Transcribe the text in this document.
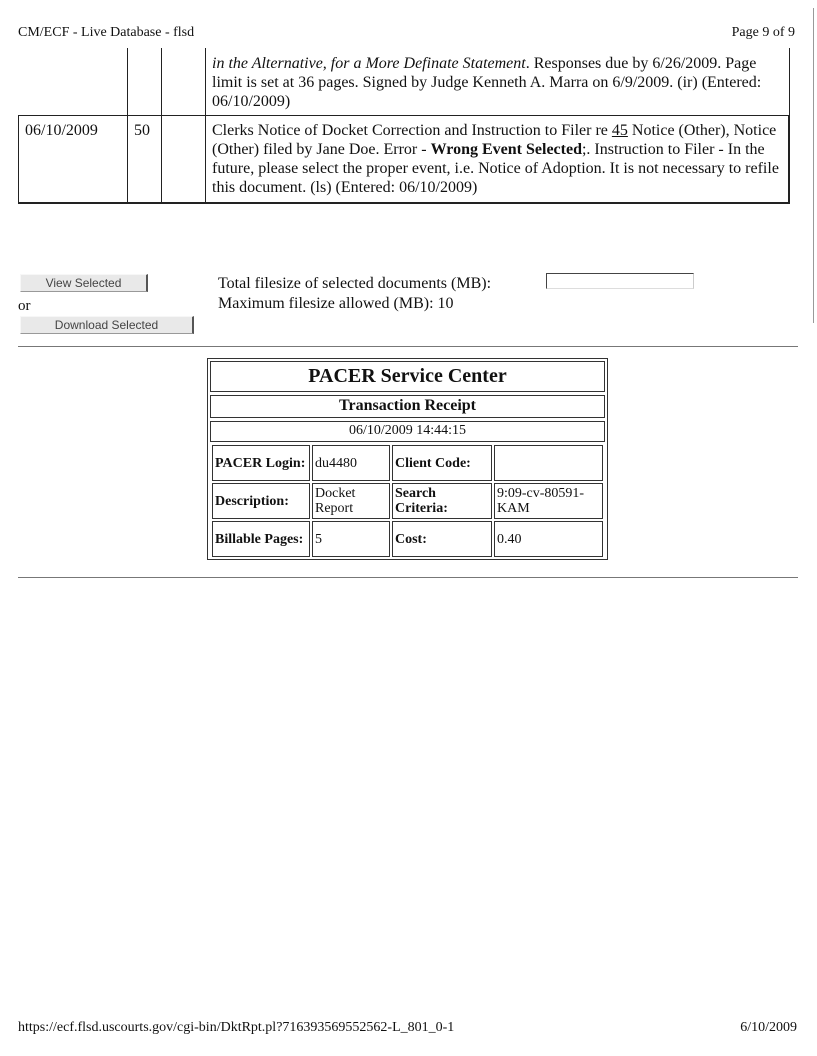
CM/ECF - Live Database - flsd	Page 9 of 9
			in the Alternative, for a More Definate Statement. Responses due by 6/26/2009. Page limit is set at 36 pages. Signed by Judge Kenneth A. Marra on 6/9/2009. (ir) (Entered: 06/10/2009)
06/10/2009	50		Clerks Notice of Docket Correction and Instruction to Filer re 45 Notice (Other), Notice (Other) filed by Jane Doe. Error - Wrong Event Selected;. Instruction to Filer - In the future, please select the proper event, i.e. Notice of Adoption. It is not necessary to refile this document. (ls) (Entered: 06/10/2009)
View Selected
or
Download Selected
Total filesize of selected documents (MB):
Maximum filesize allowed (MB): 10
PACER Service Center
Transaction Receipt
06/10/2009 14:44:15
PACER Login:	du4480	Client Code:	
Description:	Docket Report	Search Criteria:	9:09-cv-80591-KAM
Billable Pages:	5	Cost:	0.40
https://ecf.flsd.uscourts.gov/cgi-bin/DktRpt.pl?716393569552562-L_801_0-1	6/10/2009
